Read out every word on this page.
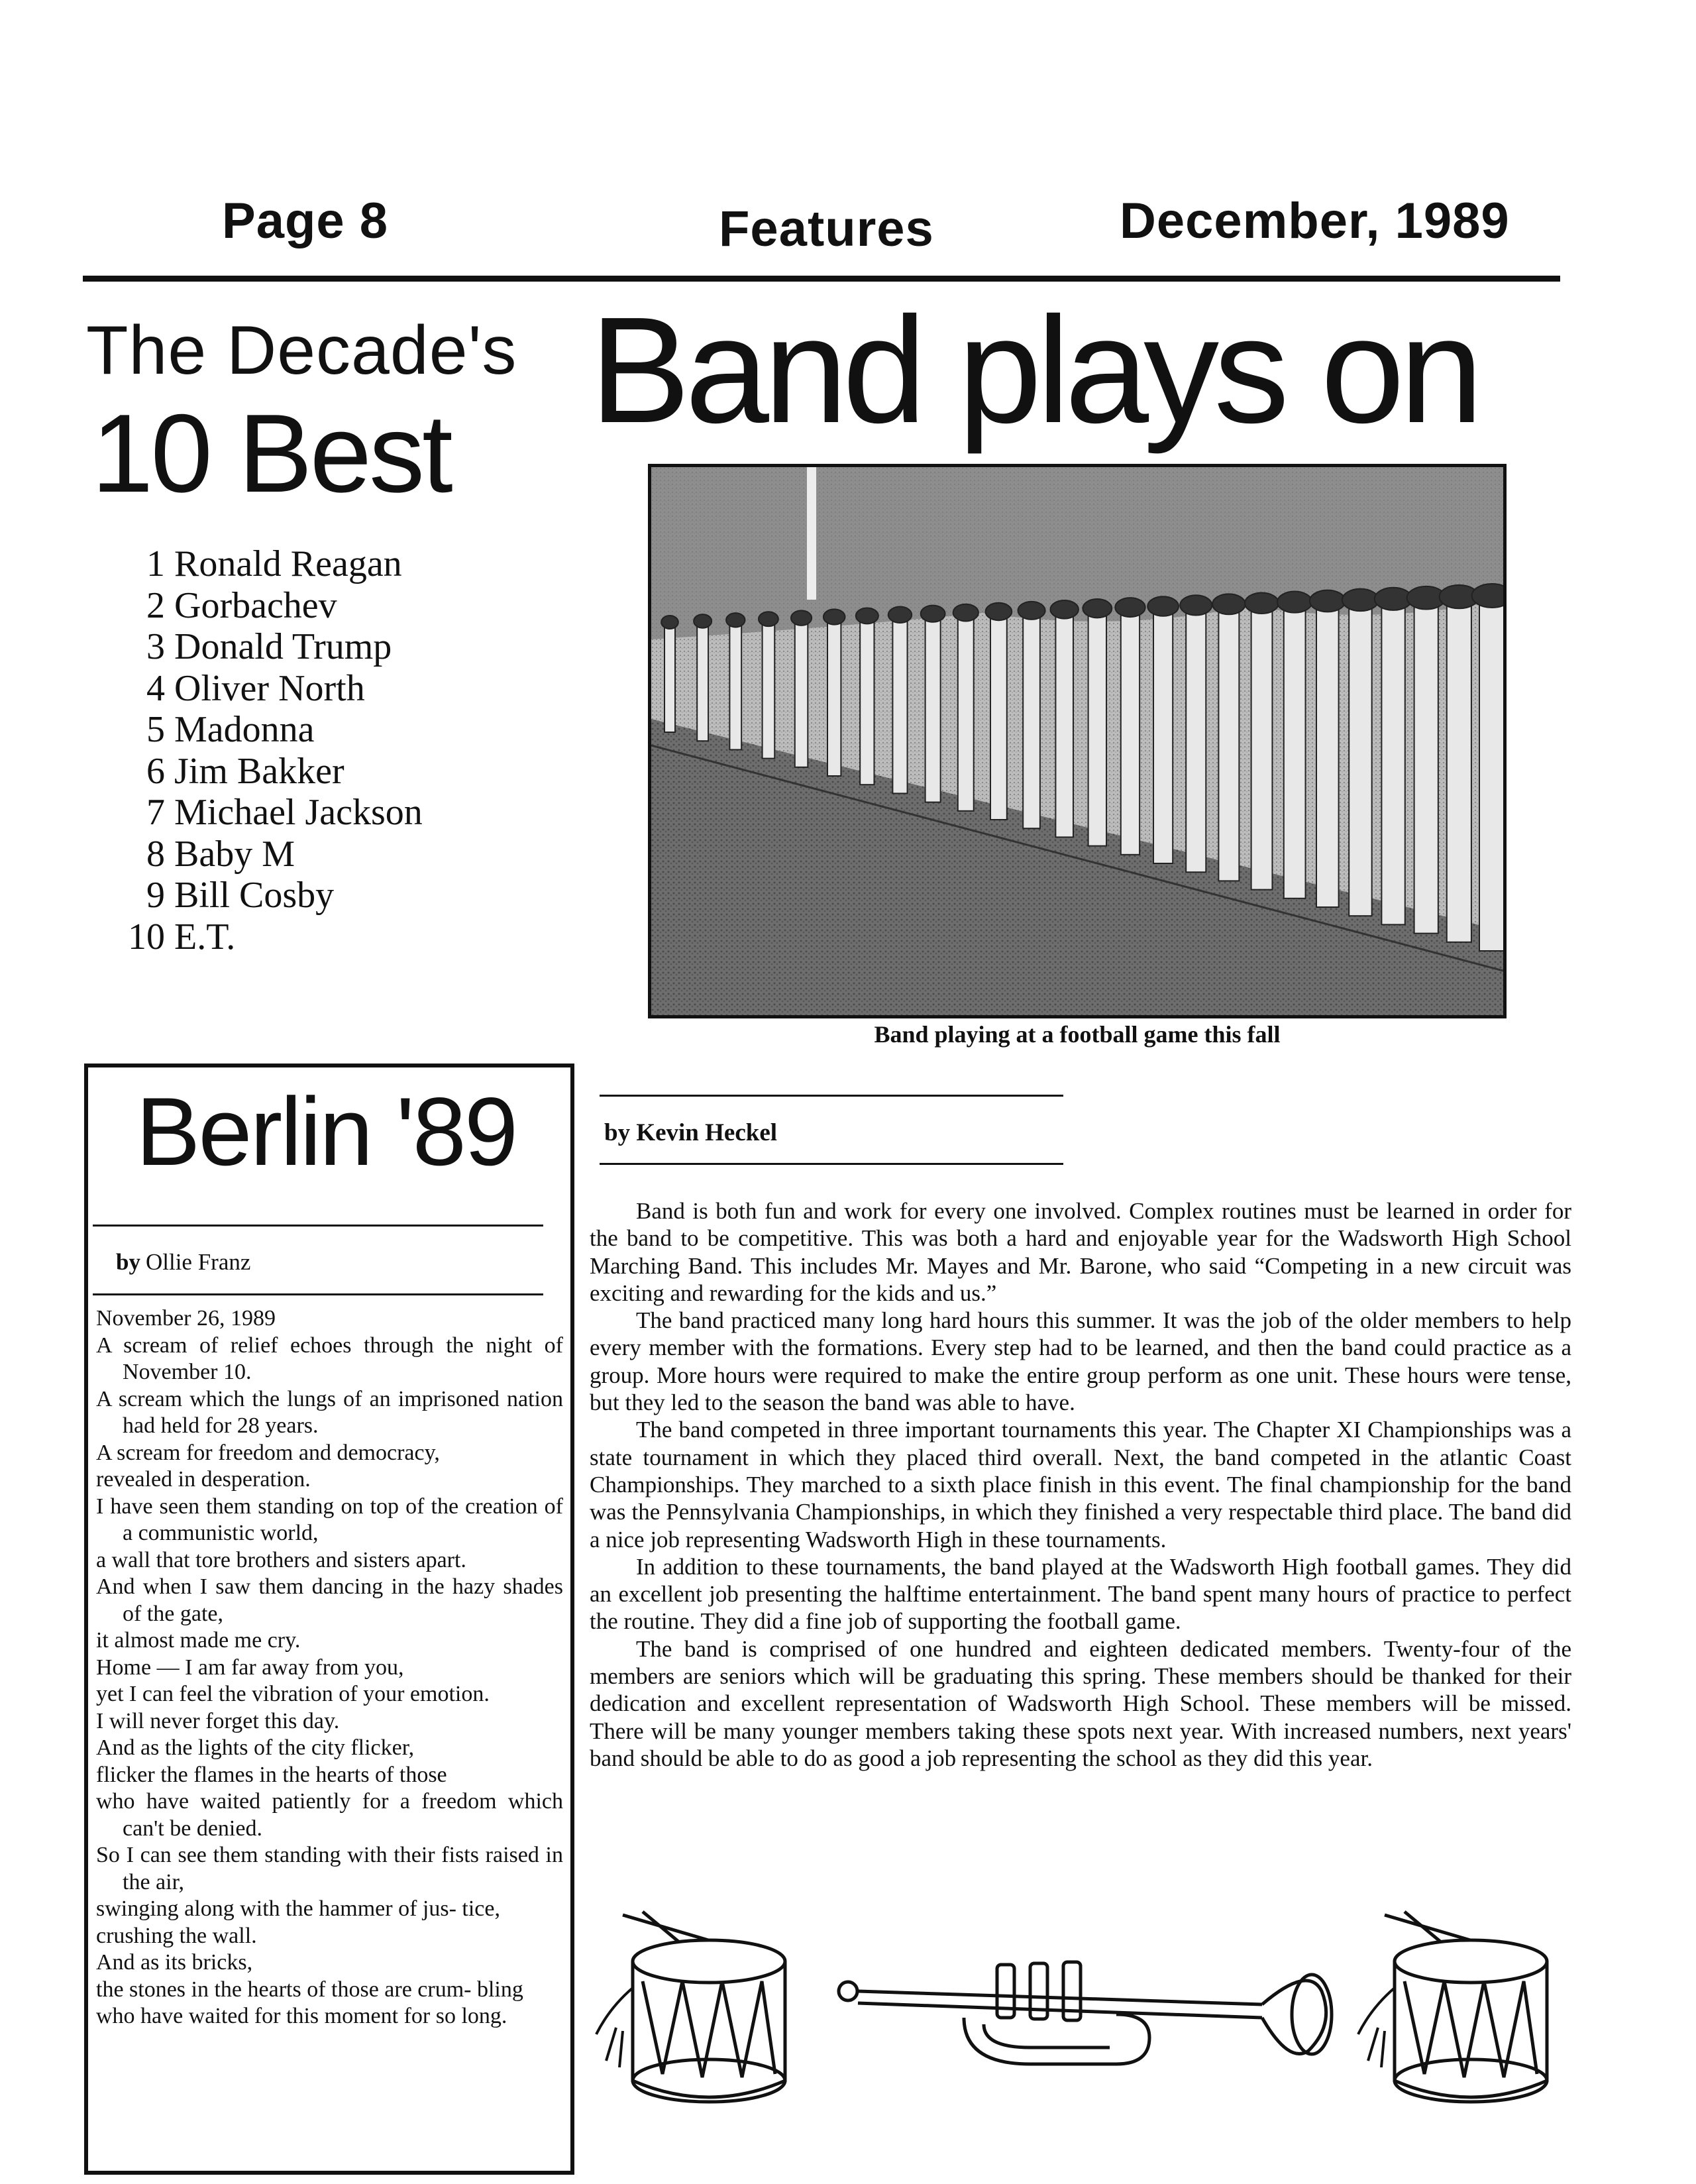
Page 8	Features	December, 1989
The Decade's
10 Best
1 Ronald Reagan
2 Gorbachev
3 Donald Trump
4 Oliver North
5 Madonna
6 Jim Bakker
7 Michael Jackson
8 Baby M
9 Bill Cosby
10 E.T.
Band plays on
Band playing at a football game this fall
by Kevin Heckel

Band is both fun and work for every one involved. Complex routines must be learned in order for the band to be competitive. This was both a hard and enjoyable year for the Wadsworth High School Marching Band. This includes Mr. Mayes and Mr. Barone, who said “Competing in a new circuit was exciting and rewarding for the kids and us.”

The band practiced many long hard hours this summer. It was the job of the older members to help every member with the formations. Every step had to be learned, and then the band could practice as a group. More hours were required to make the entire group perform as one unit. These hours were tense, but they led to the season the band was able to have.

The band competed in three important tournaments this year. The Chapter XI Championships was a state tournament in which they placed third overall. Next, the band competed in the atlantic Coast Championships. They marched to a sixth place finish in this event. The final championship for the band was the Pennsylvania Championships, in which they finished a very respectable third place. The band did a nice job representing Wadsworth High in these tournaments.

In addition to these tournaments, the band played at the Wadsworth High football games. They did an excellent job presenting the halftime entertainment. The band spent many hours of practice to perfect the routine. They did a fine job of supporting the football game.

The band is comprised of one hundred and eighteen dedicated members. Twenty-four of the members are seniors which will be graduating this spring. These members should be thanked for their dedication and excellent representation of Wadsworth High School. These members will be missed. There will be many younger members taking these spots next year. With increased numbers, next years' band should be able to do as good a job representing the school as they did this year.

Berlin '89
by Ollie Franz
November 26, 1989
A scream of relief echoes through the night of November 10.
A scream which the lungs of an imprisoned nation had held for 28 years.
A scream for freedom and democracy,
revealed in desperation.
I have seen them standing on top of the creation of a communistic world,
a wall that tore brothers and sisters apart.
And when I saw them dancing in the hazy shades of the gate,
it almost made me cry.
Home — I am far away from you,
yet I can feel the vibration of your emotion.
I will never forget this day.
And as the lights of the city flicker,
flicker the flames in the hearts of those
who have waited patiently for a freedom which can't be denied.
So I can see them standing with their fists raised in the air,
swinging along with the hammer of jus- tice,
crushing the wall.
And as its bricks,
the stones in the hearts of those are crum- bling
who have waited for this moment for so long.
